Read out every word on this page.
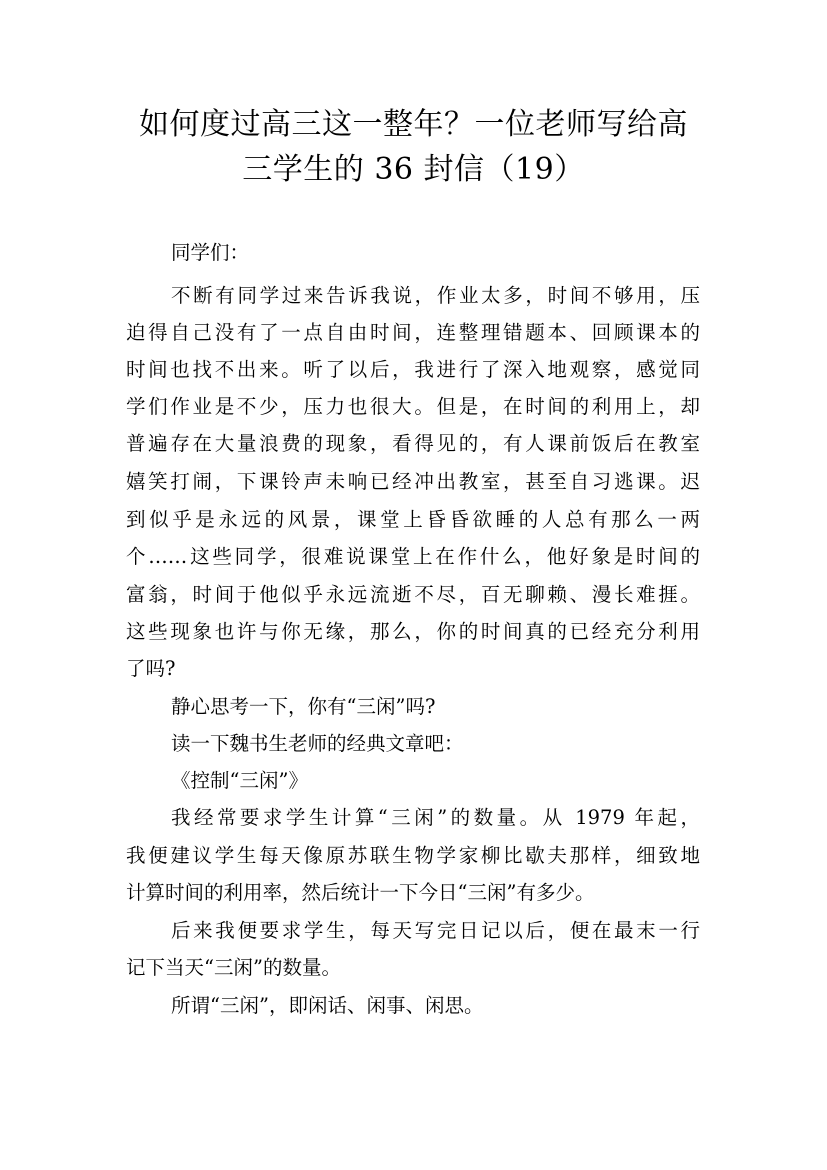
如何度过高三这一整年？一位老师写给高
三学生的 36 封信（19）
同学们：
不断有同学过来告诉我说，作业太多，时间不够用，压
迫得自己没有了一点自由时间，连整理错题本、回顾课本的
时间也找不出来。听了以后，我进行了深入地观察，感觉同
学们作业是不少，压力也很大。但是，在时间的利用上，却
普遍存在大量浪费的现象，看得见的，有人课前饭后在教室
嬉笑打闹，下课铃声未响已经冲出教室，甚至自习逃课。迟
到似乎是永远的风景，课堂上昏昏欲睡的人总有那么一两
个……这些同学，很难说课堂上在作什么，他好象是时间的
富翁，时间于他似乎永远流逝不尽，百无聊赖、漫长难捱。
这些现象也许与你无缘，那么，你的时间真的已经充分利用
了吗?
静心思考一下，你有“三闲”吗?
读一下魏书生老师的经典文章吧：
《控制“三闲”》
我经常要求学生计算“三闲”的数量。从 1979 年起，
我便建议学生每天像原苏联生物学家柳比歇夫那样，细致地
计算时间的利用率，然后统计一下今日“三闲”有多少。
后来我便要求学生，每天写完日记以后，便在最末一行
记下当天“三闲”的数量。
所谓“三闲”，即闲话、闲事、闲思。
